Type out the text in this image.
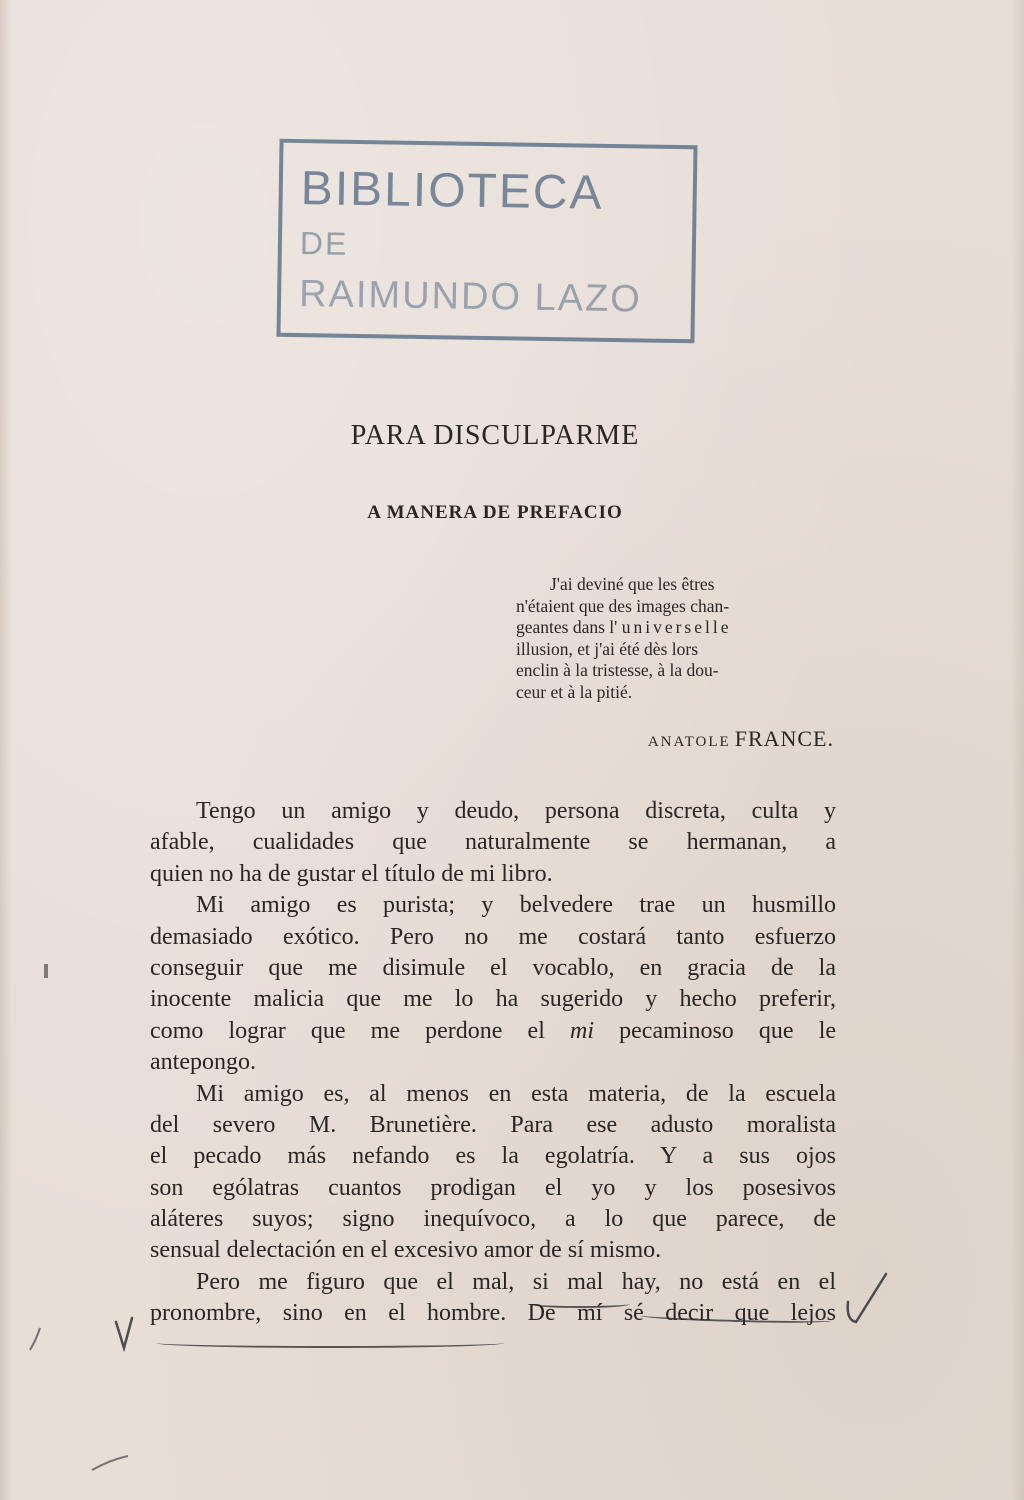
BIBLIOTECA
DE
RAIMUNDO LAZO
PARA DISCULPARME
A MANERA DE PREFACIO
J'ai deviné que les êtres
n'étaient que des images chan-
geantes dans l' universelle
illusion, et j'ai été dès lors
enclin à la tristesse, à la dou-
ceur et à la pitié.
ANATOLE FRANCE.
Tengo un amigo y deudo, persona discreta, culta y
afable, cualidades que naturalmente se hermanan, a
quien no ha de gustar el título de mi libro.
Mi amigo es purista; y belvedere trae un husmillo
demasiado exótico. Pero no me costará tanto esfuerzo
conseguir que me disimule el vocablo, en gracia de la
inocente malicia que me lo ha sugerido y hecho preferir,
como lograr que me perdone el mi pecaminoso que le
antepongo.
Mi amigo es, al menos en esta materia, de la escuela
del severo M. Brunetière. Para ese adusto moralista
el pecado más nefando es la egolatría. Y a sus ojos
son ególatras cuantos prodigan el yo y los posesivos
aláteres suyos; signo inequívoco, a lo que parece, de
sensual delectación en el excesivo amor de sí mismo.
Pero me figuro que el mal, si mal hay, no está en el
pronombre, sino en el hombre. De mí sé decir que lejos
